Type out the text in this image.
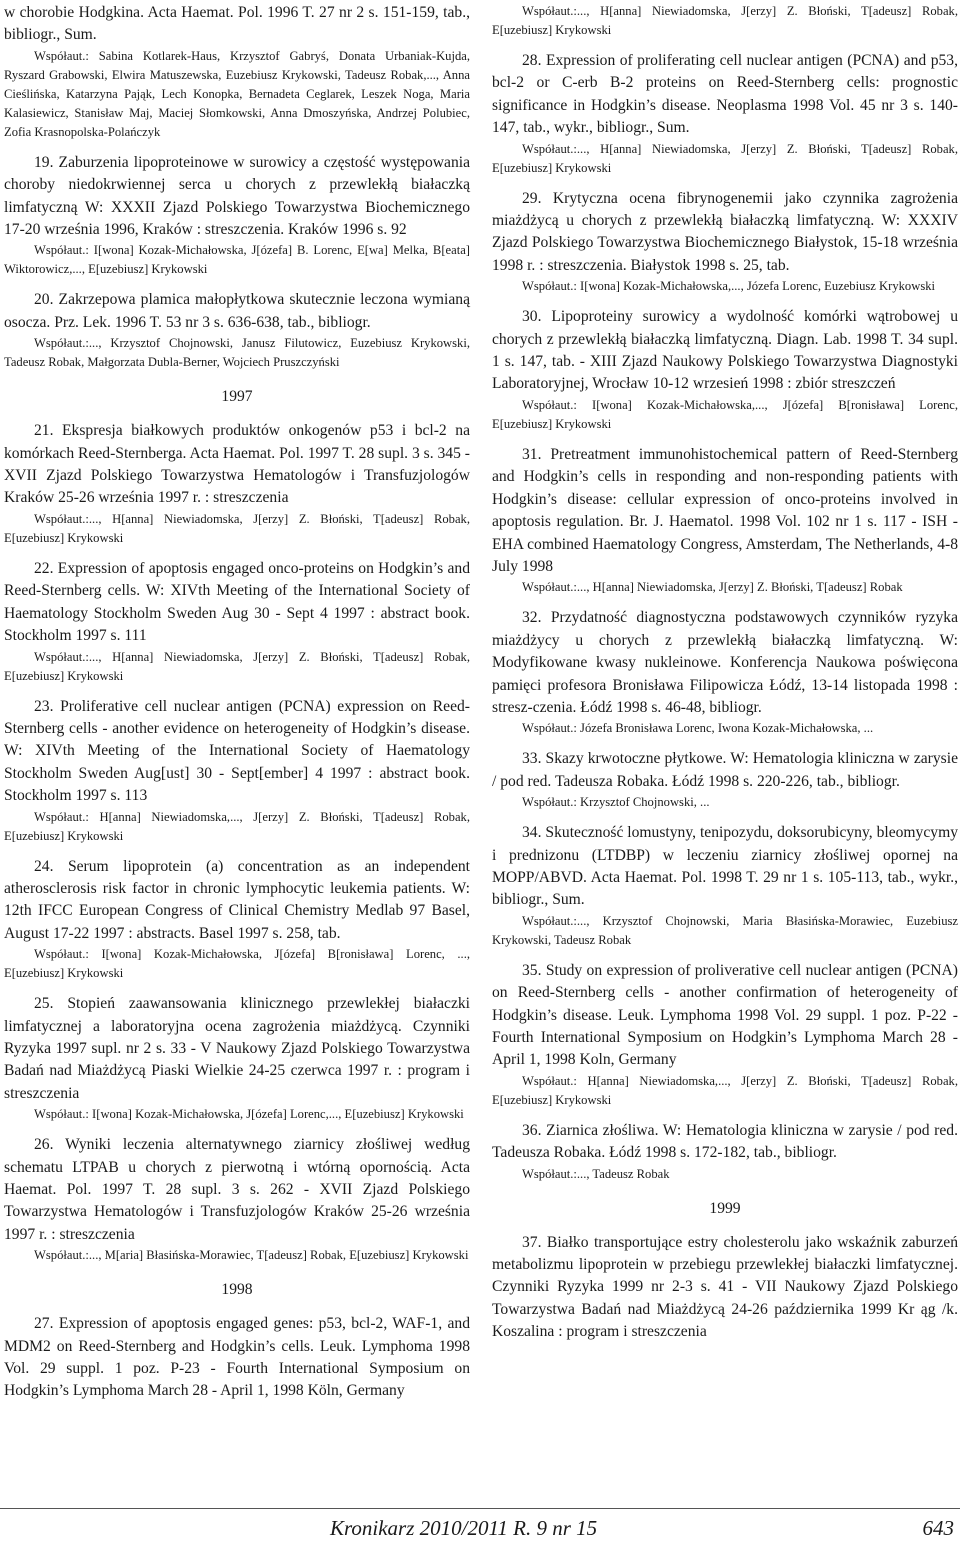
w chorobie Hodgkina. Acta Haemat. Pol. 1996 T. 27 nr 2 s. 151-159, tab., bibliogr., Sum.

Współaut.: Sabina Kotlarek-Haus, Krzysztof Gabryś, Donata Urbaniak-Kujda, Ryszard Grabowski, Elwira Matuszewska, Euzebiusz Krykowski, Tadeusz Robak,..., Anna Cieślińska, Katarzyna Pająk, Lech Konopka, Bernadeta Ceglarek, Leszek Noga, Maria Kalasiewicz, Stanisław Maj, Maciej Słomkowski, Anna Dmoszyńska, Andrzej Polubiec, Zofia Krasnopolska-Polańczyk

19. Zaburzenia lipoproteinowe w surowicy a częstość występowania choroby niedokrwiennej serca u chorych z przewlekłą białaczką limfatyczną W: XXXII Zjazd Polskiego Towarzystwa Biochemicznego 17-20 września 1996, Kraków : streszczenia. Kraków 1996 s. 92

Współaut.: I[wona] Kozak-Michałowska, J[ózefa] B. Lorenc, E[wa] Melka, B[eata] Wiktorowicz,..., E[uzebiusz] Krykowski

20. Zakrzepowa plamica małopłytkowa skutecznie leczona wymianą osocza. Prz. Lek. 1996 T. 53 nr 3 s. 636-638, tab., bibliogr.

Współaut.:..., Krzysztof Chojnowski, Janusz Filutowicz, Euzebiusz Krykowski, Tadeusz Robak, Małgorzata Dubla-Berner, Wojciech Pruszczyński

1997

21. Ekspresja białkowych produktów onkogenów p53 i bcl-2 na komórkach Reed-Sternberga. Acta Haemat. Pol. 1997 T. 28 supl. 3 s. 345 - XVII Zjazd Polskiego Towarzystwa Hematologów i Transfuzjologów Kraków 25-26 września 1997 r. : streszczenia

Współaut.:..., H[anna] Niewiadomska, J[erzy] Z. Błoński, T[adeusz] Robak, E[uzebiusz] Krykowski

22. Expression of apoptosis engaged onco-proteins on Hodgkin’s and Reed-Sternberg cells. W: XIVth Meeting of the International Society of Haematology Stockholm Sweden Aug 30 - Sept 4 1997 : abstract book. Stockholm 1997 s. 111

Współaut.:..., H[anna] Niewiadomska, J[erzy] Z. Błoński, T[adeusz] Robak, E[uzebiusz] Krykowski

23. Proliferative cell nuclear antigen (PCNA) expression on Reed-Sternberg cells - another evidence on heterogeneity of Hodgkin’s disease. W: XIVth Meeting of the International Society of Haematology Stockholm Sweden Aug[ust] 30 - Sept[ember] 4 1997 : abstract book. Stockholm 1997 s. 113

Współaut.: H[anna] Niewiadomska,..., J[erzy] Z. Błoński, T[adeusz] Robak, E[uzebiusz] Krykowski

24. Serum lipoprotein (a) concentration as an independent atherosclerosis risk factor in chronic lymphocytic leukemia patients. W: 12th IFCC European Congress of Clinical Chemistry Medlab 97 Basel, August 17-22 1997 : abstracts. Basel 1997 s. 258, tab.

Współaut.: I[wona] Kozak-Michałowska, J[ózefa] B[ronisława] Lorenc, ..., E[uzebiusz] Krykowski

25. Stopień zaawansowania klinicznego przewlekłej białaczki limfatycznej a laboratoryjna ocena zagrożenia miażdżycą. Czynniki Ryzyka 1997 supl. nr 2 s. 33 - V Naukowy Zjazd Polskiego Towarzystwa Badań nad Miażdżycą Piaski Wielkie 24-25 czerwca 1997 r. : program i streszczenia

Współaut.: I[wona] Kozak-Michałowska, J[ózefa] Lorenc,..., E[uzebiusz] Krykowski

26. Wyniki leczenia alternatywnego ziarnicy złośliwej według schematu LTPAB u chorych z pierwotną i wtórną opornością. Acta Haemat. Pol. 1997 T. 28 supl. 3 s. 262 - XVII Zjazd Polskiego Towarzystwa Hematologów i Transfuzjologów Kraków 25-26 września 1997 r. : streszczenia

Współaut.:..., M[aria] Błasińska-Morawiec, T[adeusz] Robak, E[uzebiusz] Krykowski

1998

27. Expression of apoptosis engaged genes: p53, bcl-2, WAF-1, and MDM2 on Reed-Sternberg and Hodgkin’s cells. Leuk. Lymphoma 1998 Vol. 29 suppl. 1 poz. P-23 - Fourth International Symposium on Hodgkin’s Lymphoma March 28 - April 1, 1998 Köln, Germany

Współaut.:..., H[anna] Niewiadomska, J[erzy] Z. Błoński, T[adeusz] Robak, E[uzebiusz] Krykowski

28. Expression of proliferating cell nuclear antigen (PCNA) and p53, bcl-2 or C-erb B-2 proteins on Reed-Sternberg cells: prognostic significance in Hodgkin’s disease. Neoplasma 1998 Vol. 45 nr 3 s. 140-147, tab., wykr., bibliogr., Sum.

Współaut.:..., H[anna] Niewiadomska, J[erzy] Z. Błoński, T[adeusz] Robak, E[uzebiusz] Krykowski

29. Krytyczna ocena fibrynogenemii jako czynnika zagrożenia miażdżycą u chorych z przewlekłą białaczką limfatyczną. W: XXXIV Zjazd Polskiego Towarzystwa Biochemicznego Białystok, 15-18 września 1998 r. : streszczenia. Białystok 1998 s. 25, tab.

Współaut.: I[wona] Kozak-Michałowska,..., Józefa Lorenc, Euzebiusz Krykowski

30. Lipoproteiny surowicy a wydolność komórki wątrobowej u chorych z przewlekłą białaczką limfatyczną. Diagn. Lab. 1998 T. 34 supl. 1 s. 147, tab. - XIII Zjazd Naukowy Polskiego Towarzystwa Diagnostyki Laboratoryjnej, Wrocław 10-12 wrzesień 1998 : zbiór streszczeń

Współaut.: I[wona] Kozak-Michałowska,..., J[ózefa] B[ronisława] Lorenc, E[uzebiusz] Krykowski

31. Pretreatment immunohistochemical pattern of Reed-Sternberg and Hodgkin’s cells in responding and non-responding patients with Hodgkin’s disease: cellular expression of onco-proteins involved in apoptosis regulation. Br. J. Haematol. 1998 Vol. 102 nr 1 s. 117 - ISH - EHA combined Haematology Congress, Amsterdam, The Netherlands, 4-8 July 1998

Współaut.:..., H[anna] Niewiadomska, J[erzy] Z. Błoński, T[adeusz] Robak

32. Przydatność diagnostyczna podstawowych czynników ryzyka miażdżycy u chorych z przewlekłą białaczką limfatyczną. W: Modyfikowane kwasy nukleinowe. Konferencja Naukowa poświęcona pamięci profesora Bronisława Filipowicza Łódź, 13-14 listopada 1998 : stresz-czenia. Łódź 1998 s. 46-48, bibliogr.

Współaut.: Józefa Bronisława Lorenc, Iwona Kozak-Michałowska, ...

33. Skazy krwotoczne płytkowe. W: Hematologia kliniczna w zarysie / pod red. Tadeusza Robaka. Łódź 1998 s. 220-226, tab., bibliogr.

Współaut.: Krzysztof Chojnowski, ...

34. Skuteczność lomustyny, tenipozydu, doksorubicyny, bleomycymy i prednizonu (LTDBP) w leczeniu ziarnicy złośliwej opornej na MOPP/ABVD. Acta Haemat. Pol. 1998 T. 29 nr 1 s. 105-113, tab., wykr., bibliogr., Sum.

Współaut.:..., Krzysztof Chojnowski, Maria Błasińska-Morawiec, Euzebiusz Krykowski, Tadeusz Robak

35. Study on expression of proliverative cell nuclear antigen (PCNA) on Reed-Sternberg cells - another confirmation of heterogeneity of Hodgkin’s disease. Leuk. Lymphoma 1998 Vol. 29 suppl. 1 poz. P-22 - Fourth International Symposium on Hodgkin’s Lymphoma March 28 - April 1, 1998 Koln, Germany

Współaut.: H[anna] Niewiadomska,..., J[erzy] Z. Błoński, T[adeusz] Robak, E[uzebiusz] Krykowski

36. Ziarnica złośliwa. W: Hematologia kliniczna w zarysie / pod red. Tadeusza Robaka. Łódź 1998 s. 172-182, tab., bibliogr.

Współaut.:..., Tadeusz Robak

1999

37. Białko transportujące estry cholesterolu jako wskaźnik zaburzeń metabolizmu lipoprotein w przebiegu przewlekłej białaczki limfatycznej. Czynniki Ryzyka 1999 nr 2-3 s. 41 - VII Naukowy Zjazd Polskiego Towarzystwa Badań nad Miażdżycą 24-26 października 1999 Kr ąg /k. Koszalina : program i streszczenia

Kronikarz 2010/2011 R. 9 nr 15	643
